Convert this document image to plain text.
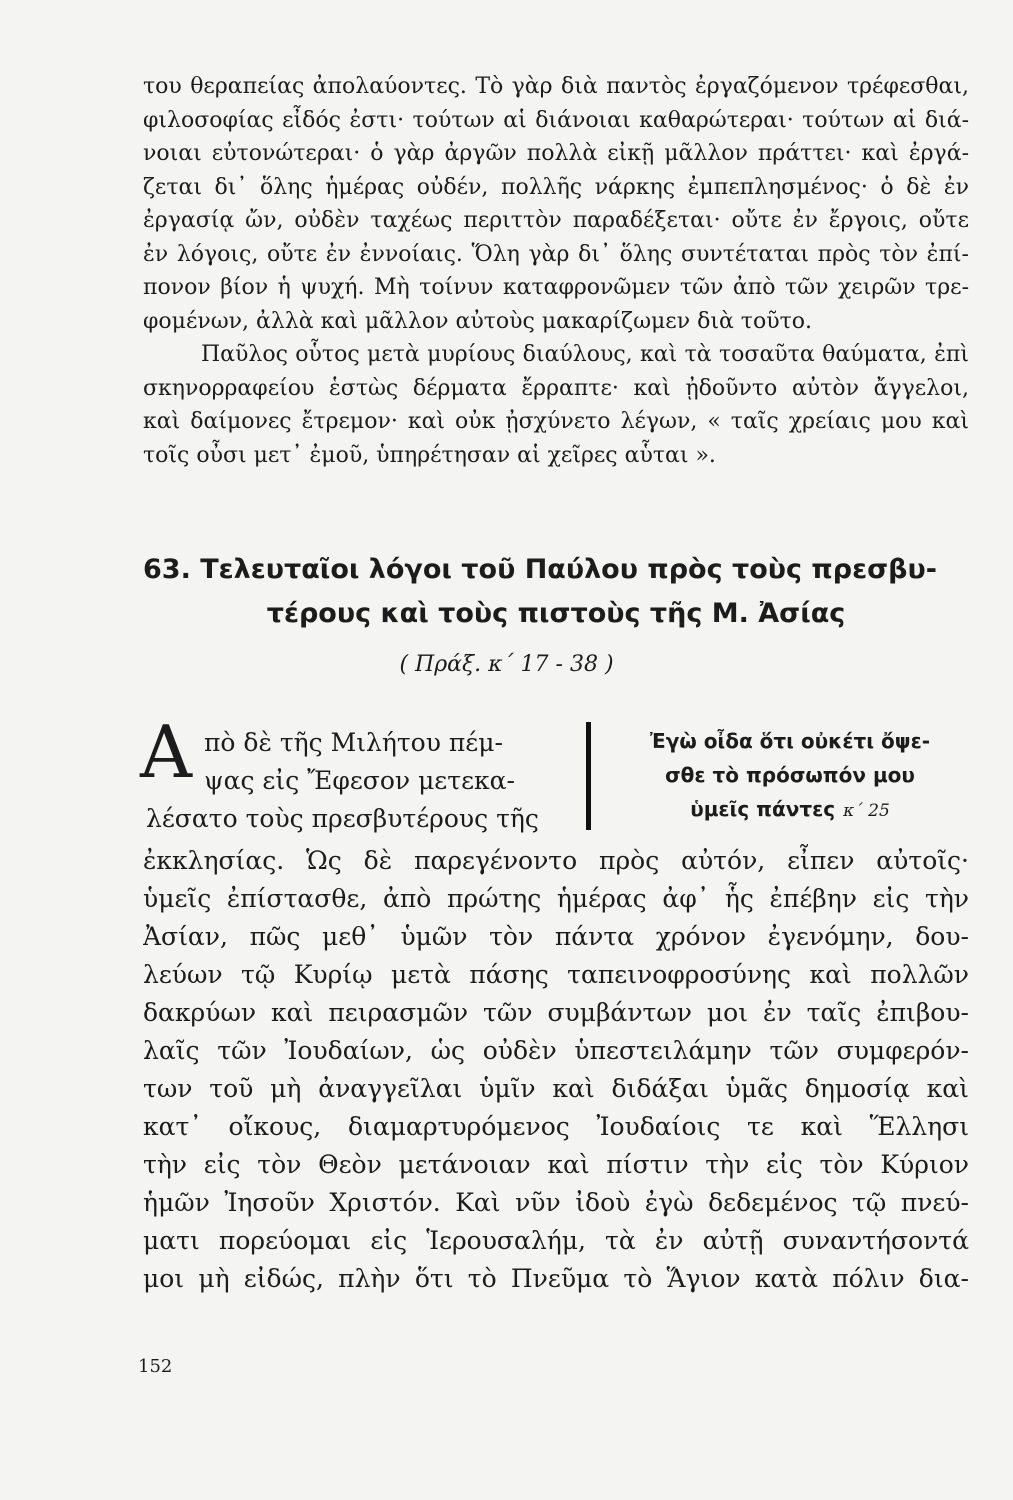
του θεραπείας ἀπολαύοντες. Τὸ γὰρ διὰ παντὸς ἐργαζόμενον τρέφεσθαι,
φιλοσοφίας εἶδός ἐστι· τούτων αἱ διάνοιαι καθαρώτεραι· τούτων αἱ διά-
νοιαι εὐτονώτεραι· ὁ γὰρ ἀργῶν πολλὰ εἰκῇ μᾶλλον πράττει· καὶ ἐργά-
ζεται δι᾿ ὅλης ἡμέρας οὐδέν, πολλῆς νάρκης ἐμπεπλησμένος· ὁ δὲ ἐν
ἐργασίᾳ ὤν, οὐδὲν ταχέως περιττὸν παραδέξεται· οὔτε ἐν ἔργοις, οὔτε
ἐν λόγοις, οὔτε ἐν ἐννοίαις. Ὅλη γὰρ δι᾿ ὅλης συντέταται πρὸς τὸν ἐπί-
πονον βίον ἡ ψυχή. Μὴ τοίνυν καταφρονῶμεν τῶν ἀπὸ τῶν χειρῶν τρε-
φομένων, ἀλλὰ καὶ μᾶλλον αὐτοὺς μακαρίζωμεν διὰ τοῦτο.
Παῦλος οὗτος μετὰ μυρίους διαύλους, καὶ τὰ τοσαῦτα θαύματα, ἐπὶ
σκηνορραφείου ἑστὼς δέρματα ἔρραπτε· καὶ ᾐδοῦντο αὐτὸν ἄγγελοι,
καὶ δαίμονες ἔτρεμον· καὶ οὐκ ᾐσχύνετο λέγων, « ταῖς χρείαις μου καὶ
τοῖς οὖσι μετ᾿ ἐμοῦ, ὑπηρέτησαν αἱ χεῖρες αὗται ».
63. Τελευταῖοι λόγοι τοῦ Παύλου πρὸς τοὺς πρεσβυ-
τέρους καὶ τοὺς πιστοὺς τῆς Μ. Ἀσίας
( Πράξ. κ΄ 17 - 38 )
Α πὸ δὲ τῆς Μιλήτου πέμ-
ψας εἰς Ἔφεσον μετεκα-
λέσατο τοὺς πρεσβυτέρους τῆς
Ἐγὼ οἶδα ὅτι οὐκέτι ὄψε-
σθε τὸ πρόσωπόν μου
ὑμεῖς πάντες κ΄ 25
ἐκκλησίας. Ὡς δὲ παρεγένοντο πρὸς αὐτόν, εἶπεν αὐτοῖς·
ὑμεῖς ἐπίστασθε, ἀπὸ πρώτης ἡμέρας ἀφ᾿ ἧς ἐπέβην εἰς τὴν
Ἀσίαν, πῶς μεθ᾿ ὑμῶν τὸν πάντα χρόνον ἐγενόμην, δου-
λεύων τῷ Κυρίῳ μετὰ πάσης ταπεινοφροσύνης καὶ πολλῶν
δακρύων καὶ πειρασμῶν τῶν συμβάντων μοι ἐν ταῖς ἐπιβου-
λαῖς τῶν Ἰουδαίων, ὡς οὐδὲν ὑπεστειλάμην τῶν συμφερόν-
των τοῦ μὴ ἀναγγεῖλαι ὑμῖν καὶ διδάξαι ὑμᾶς δημοσίᾳ καὶ
κατ᾿ οἴκους, διαμαρτυρόμενος Ἰουδαίοις τε καὶ Ἕλλησι
τὴν εἰς τὸν Θεὸν μετάνοιαν καὶ πίστιν τὴν εἰς τὸν Κύριον
ἡμῶν Ἰησοῦν Χριστόν. Καὶ νῦν ἰδοὺ ἐγὼ δεδεμένος τῷ πνεύ-
ματι πορεύομαι εἰς Ἱερουσαλήμ, τὰ ἐν αὐτῇ συναντήσοντά
μοι μὴ εἰδώς, πλὴν ὅτι τὸ Πνεῦμα τὸ Ἅγιον κατὰ πόλιν δια-
152
